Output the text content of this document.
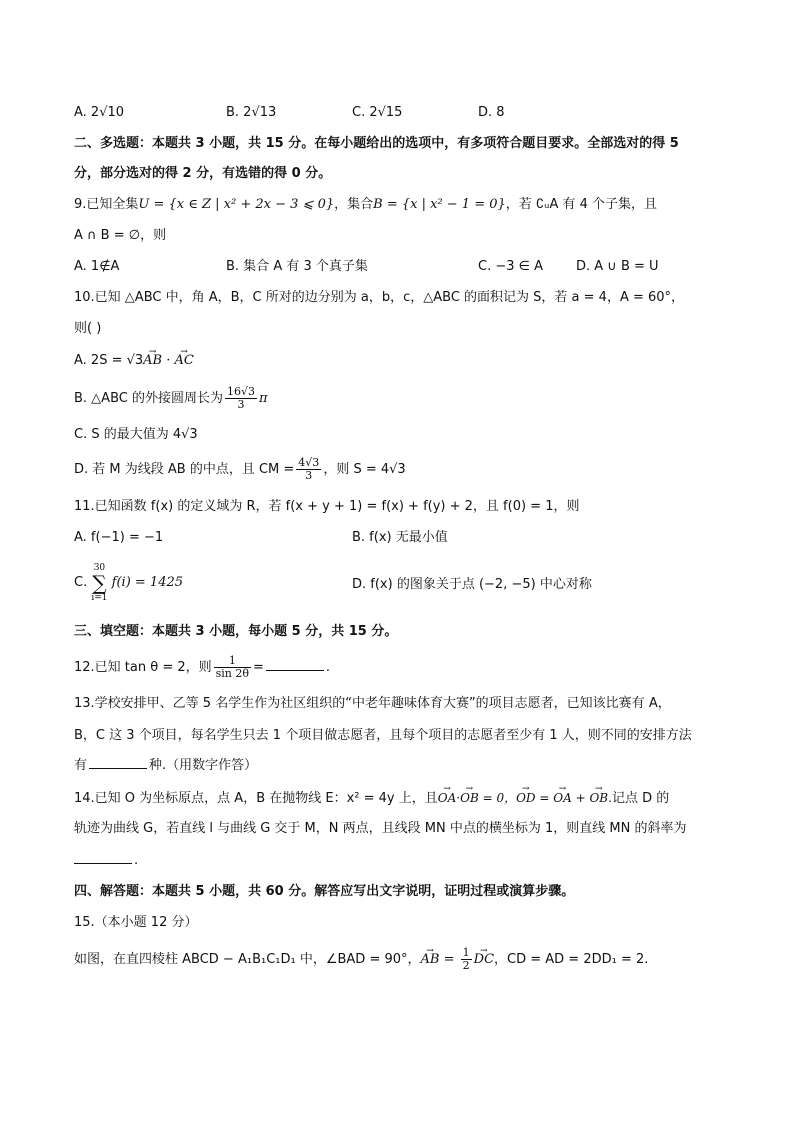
A. 2√10	B. 2√13	C. 2√15	D. 8
二、多选题：本题共 3 小题，共 15 分。在每小题给出的选项中，有多项符合题目要求。全部选对的得 5
分，部分选对的得 2 分，有选错的得 0 分。
9.已知全集U = {x ∈ Z | x² + 2x − 3 ⩽ 0}，集合B = {x | x² − 1 = 0}，若 ∁ᵤA 有 4 个子集，且
A ∩ B = ∅，则
A. 1∉A	B. 集合 A 有 3 个真子集	C. −3 ∈ A	D. A ∪ B = U
10.已知 △ABC 中，角 A，B，C 所对的边分别为 a，b，c，△ABC 的面积记为 S，若 a = 4，A = 60°，
则( )
A. 2S = √3→ AB · → AC
B. △ABC 的外接圆周长为 $\frac{16√3}{3}$ π
C. S 的最大值为 4√3
D. 若 M 为线段 AB 的中点，且 CM = $\frac{4√3}{3}$ ，则 S = 4√3
11.已知函数 f(x) 的定义域为 R，若 f(x + y + 1) = f(x) + f(y) + 2，且 f(0) = 1，则
A. f(−1) = −1	B. f(x) 无最小值
C.
30
∑
i=1
f(i) = 1425	D. f(x) 的图象关于点 (−2, −5) 中心对称
三、填空题：本题共 3 小题，每小题 5 分，共 15 分。
12.已知 tan θ = 2，则 $\frac{1}{\sin 2\theta}$ =	.
13.学校安排甲、乙等 5 名学生作为社区组织的“中老年趣味体育大赛”的项目志愿者，已知该比赛有 A，
B，C 这 3 个项目，每名学生只去 1 个项目做志愿者，且每个项目的志愿者至少有 1 人，则不同的安排方法
有	种.（用数字作答）
14.已知 O 为坐标原点，点 A，B 在抛物线 E：x² = 4y 上，且→ OA·→ OB = 0，→ OD = → OA + → OB.记点 D 的
轨迹为曲线 G，若直线 l 与曲线 G 交于 M，N 两点，且线段 MN 中点的横坐标为 1，则直线 MN 的斜率为
.
四、解答题：本题共 5 小题，共 60 分。解答应写出文字说明，证明过程或演算步骤。
15.（本小题 12 分）
如图，在直四棱柱 ABCD − A₁B₁C₁D₁ 中，∠BAD = 90°，→ AB = $\frac{1}{2}$
→ DC，CD = AD = 2DD₁ = 2.
